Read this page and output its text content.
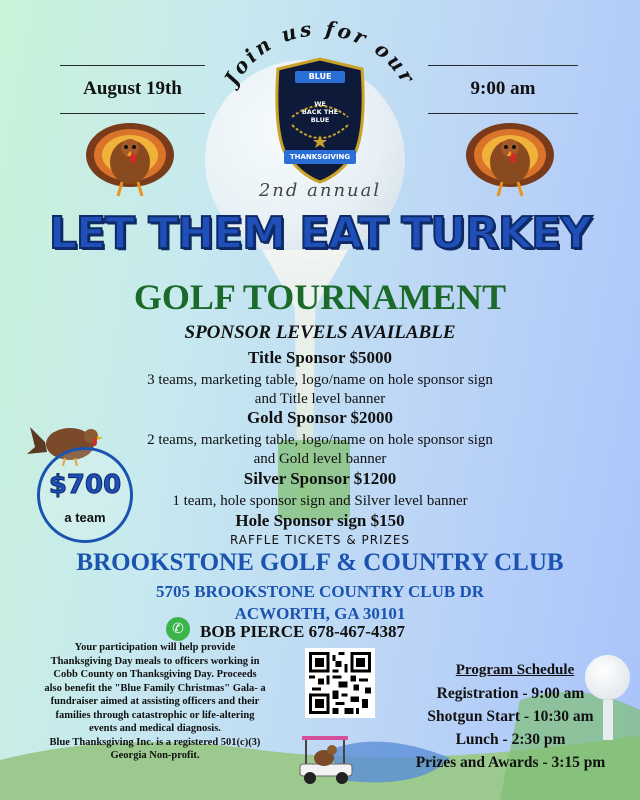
Join us for our
August 19th	9:00 am
BLUE
WE
BACK THE
BLUE
THANKSGIVING
2nd annual
LET THEM EAT TURKEY
GOLF TOURNAMENT
SPONSOR LEVELS AVAILABLE
Title Sponsor $5000
3 teams, marketing table, logo/name on hole sponsor sign
and Title level banner
Gold Sponsor $2000
2 teams, marketing table, logo/name on hole sponsor sign
and Gold level banner
Silver Sponsor $1200
1 team, hole sponsor sign and Silver level banner
Hole Sponsor sign $150
RAFFLE TICKETS & PRIZES
$700
a team
BROOKSTONE GOLF & COUNTRY CLUB
5705 BROOKSTONE COUNTRY CLUB DR
ACWORTH, GA 30101
✆ BOB PIERCE 678-467-4387
Your participation will help provide
Thanksgiving Day meals to officers working in
Cobb County on Thanksgiving Day. Proceeds
also benefit the "Blue Family Christmas" Gala- a
fundraiser aimed at assisting officers and their
families through catastrophic or life-altering
events and medical diagnosis.
Blue Thanksgiving Inc. is a registered 501(c)(3)
Georgia Non-profit.
Program Schedule
Registration - 9:00 am
Shotgun Start - 10:30 am
Lunch - 2:30 pm
Prizes and Awards - 3:15 pm
